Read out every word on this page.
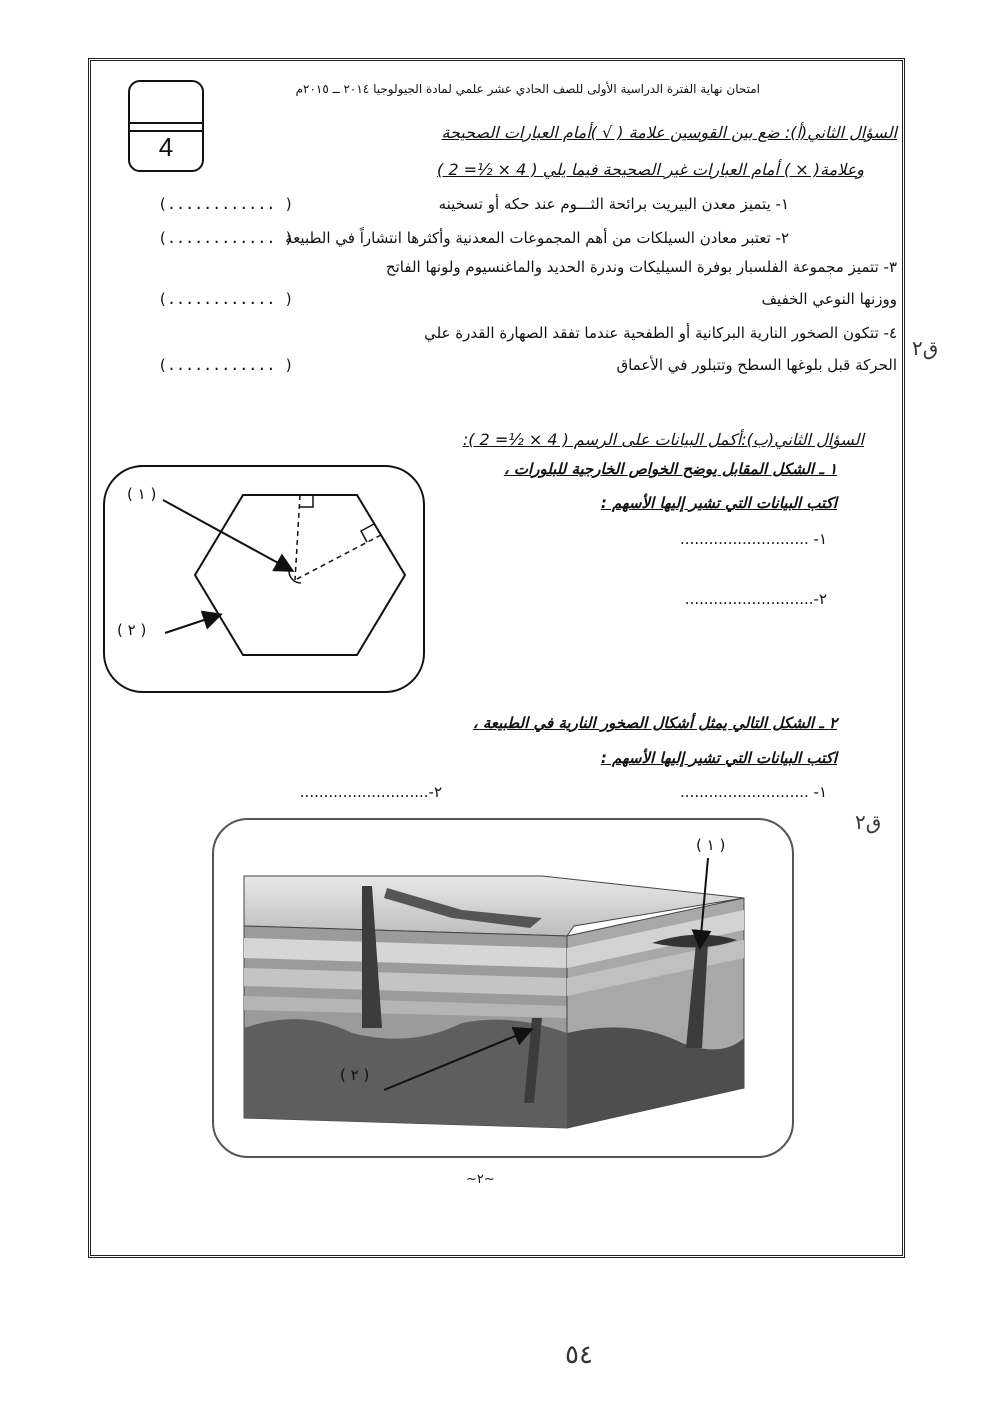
امتحان نهاية الفترة الدراسية الأولى للصف الحادي عشر علمي لمادة الجيولوجيا ٢٠١٤ ــ ٢٠١٥م
4	السؤال الثاني(أ): ضع بين القوسين علامة ( √ )أمام العبارات الصحيحة
وعلامة( × ) أمام العبارات غير الصحيحة فيما يلي ( 4 × ½= 2 )
١- يتميز معدن البيريت برائحة الثـــوم عند حكه أو تسخينه
(............ )
٢- تعتبر معادن السيلكات من أهم المجموعات المعدنية وأكثرها انتشاراً في الطبيعة
(............ )
٣- تتميز مجموعة الفلسبار بوفرة السيليكات وندرة الحديد والماغنسيوم ولونها الفاتح
ووزنها النوعي الخفيف
(............ )
٤- تتكون الصخور النارية البركانية أو الطفحية عندما تفقد الصهارة القدرة علي
الحركة قبل بلوغها السطح وتتبلور في الأعماق
(............ )
السؤال الثاني(ب):أكمل البيانات على الرسم ( 4 × ½= 2 ):
١ ـ الشكل المقابل يوضح الخواص الخارجية للبلورات ،
اكتب البيانات التي تشير إليها الأسهم :
١- ...........................
٢-...........................
( ١ )
( ٢ )
٢ ـ الشكل التالي يمثل أشكال الصخور النارية في الطبيعة ،
اكتب البيانات التي تشير إليها الأسهم :
١- ...........................
٢-...........................
( ١ )
( ٢ )
ق٢
ق٢
~٢~
٥٤
